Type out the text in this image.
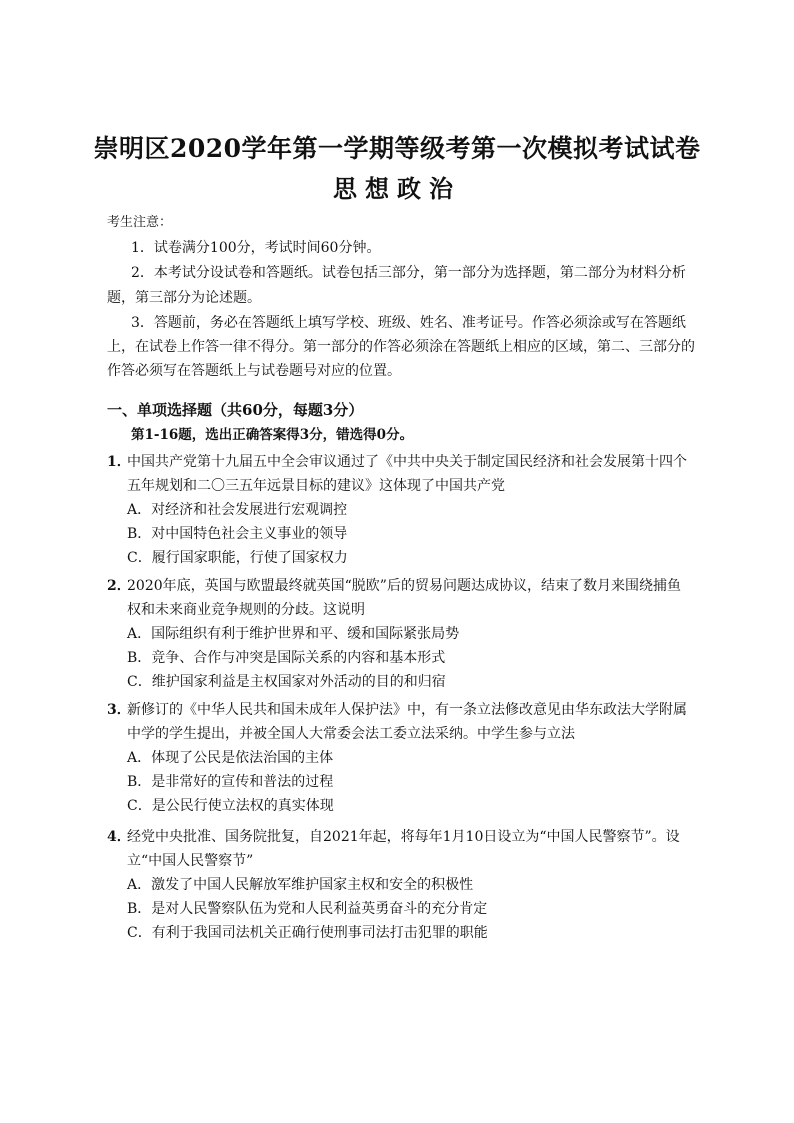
崇明区2020学年第一学期等级考第一次模拟考试试卷
思想政治
考生注意：
1．试卷满分100分，考试时间60分钟。
2．本考试分设试卷和答题纸。试卷包括三部分，第一部分为选择题，第二部分为材料分析
题，第三部分为论述题。
3．答题前，务必在答题纸上填写学校、班级、姓名、准考证号。作答必须涂或写在答题纸
上，在试卷上作答一律不得分。第一部分的作答必须涂在答题纸上相应的区域，第二、三部分的
作答必须写在答题纸上与试卷题号对应的位置。
一、单项选择题（共60分，每题3分）
第1-16题，选出正确答案得3分，错选得0分。
1．
中国共产党第十九届五中全会审议通过了《中共中央关于制定国民经济和社会发展第十四个
五年规划和二〇三五年远景目标的建议》这体现了中国共产党
A．对经济和社会发展进行宏观调控
B．对中国特色社会主义事业的领导
C．履行国家职能，行使了国家权力
2．
2020年底，英国与欧盟最终就英国“脱欧”后的贸易问题达成协议，结束了数月来围绕捕鱼
权和未来商业竞争规则的分歧。这说明
A．国际组织有利于维护世界和平、缓和国际紧张局势
B．竞争、合作与冲突是国际关系的内容和基本形式
C．维护国家利益是主权国家对外活动的目的和归宿
3．
新修订的《中华人民共和国未成年人保护法》中，有一条立法修改意见由华东政法大学附属
中学的学生提出，并被全国人大常委会法工委立法采纳。中学生参与立法
A．体现了公民是依法治国的主体
B．是非常好的宣传和普法的过程
C．是公民行使立法权的真实体现
4．
经党中央批准、国务院批复，自2021年起，将每年1月10日设立为“中国人民警察节”。设
立“中国人民警察节”
A．激发了中国人民解放军维护国家主权和安全的积极性
B．是对人民警察队伍为党和人民利益英勇奋斗的充分肯定
C．有利于我国司法机关正确行使刑事司法打击犯罪的职能
